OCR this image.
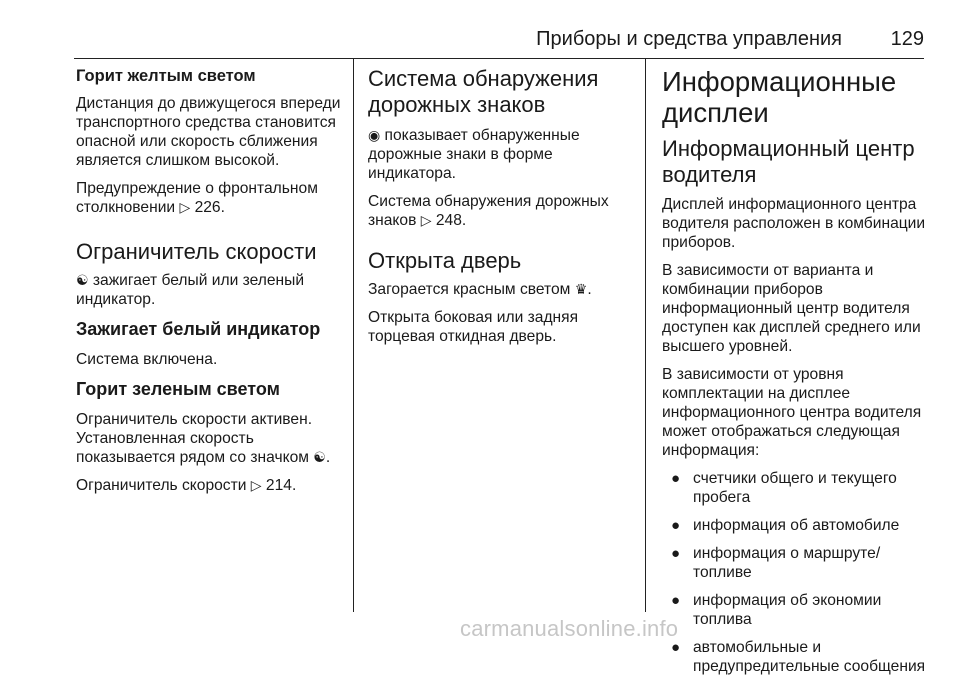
Приборы и средства управления 129
Горит желтым светом

Дистанция до движущегося впереди транспортного средства становится опасной или скорость сближения является слишком высокой.

Предупреждение о фронтальном столкновении ▷ 226.

Ограничитель скорости

☯ зажигает белый или зеленый индикатор.

Зажигает белый индикатор

Система включена.

Горит зеленым светом

Ограничитель скорости активен. Установленная скорость показывается рядом со значком ☯.

Ограничитель скорости ▷ 214.

Система обнаружения дорожных знаков

◉ показывает обнаруженные дорожные знаки в форме индикатора.

Система обнаружения дорожных знаков ▷ 248.

Открыта дверь

Загорается красным светом ♛.

Открыта боковая или задняя торцевая откидная дверь.

Информационные дисплеи
Информационный центр водителя

Дисплей информационного центра водителя расположен в комбинации приборов.

В зависимости от варианта и комбинации приборов информационный центр водителя доступен как дисплей среднего или высшего уровней.

В зависимости от уровня комплектации на дисплее информационного центра водителя может отображаться следующая информация:

● счетчики общего и текущего пробега
● информация об автомобиле
● информация о маршруте/ топливе
● информация об экономии топлива
● автомобильные и предупредительные сообщения
carmanualsonline.info
